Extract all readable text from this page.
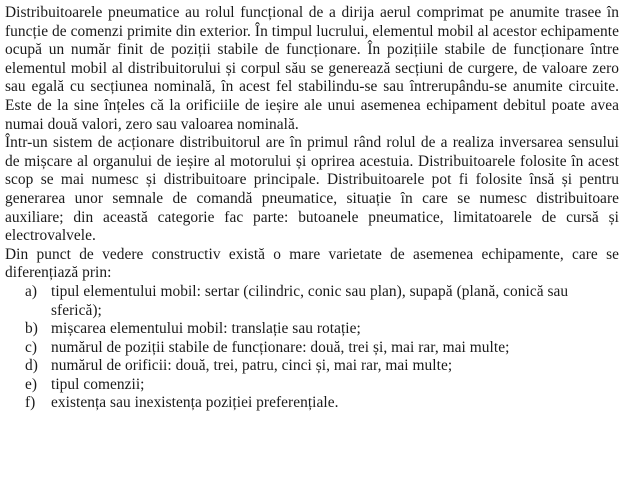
Distribuitoarele pneumatice au rolul funcțional de a dirija aerul comprimat pe anumite trasee în funcție de comenzi primite din exterior. În timpul lucrului, elementul mobil al acestor echipamente ocupă un număr finit de poziții stabile de funcționare. În pozițiile stabile de funcționare între elementul mobil al distribuitorului și corpul său se generează secțiuni de curgere, de valoare zero sau egală cu secțiunea nominală, în acest fel stabilindu-se sau întrerupându-se anumite circuite. Este de la sine înțeles că la orificiile de ieșire ale unui asemenea echipament debitul poate avea numai două valori, zero sau valoarea nominală.

Într-un sistem de acționare distribuitorul are în primul rând rolul de a realiza inversarea sensului de mișcare al organului de ieșire al motorului și oprirea acestuia. Distribuitoarele folosite în acest scop se mai numesc și distribuitoare principale. Distribuitoarele pot fi folosite însă și pentru generarea unor semnale de comandă pneumatice, situație în care se numesc distribuitoare auxiliare; din această categorie fac parte: butoanele pneumatice, limitatoarele de cursă și electrovalvele.

Din punct de vedere constructiv există o mare varietate de asemenea echipamente, care se diferențiază prin:

a) tipul elementului mobil: sertar (cilindric, conic sau plan), supapă (plană, conică sau sferică);
b) mișcarea elementului mobil: translație sau rotație;
c) numărul de poziții stabile de funcționare: două, trei și, mai rar, mai multe;
d) numărul de orificii: două, trei, patru, cinci și, mai rar, mai multe;
e) tipul comenzii;
f)	existența sau inexistența poziției preferențiale.
